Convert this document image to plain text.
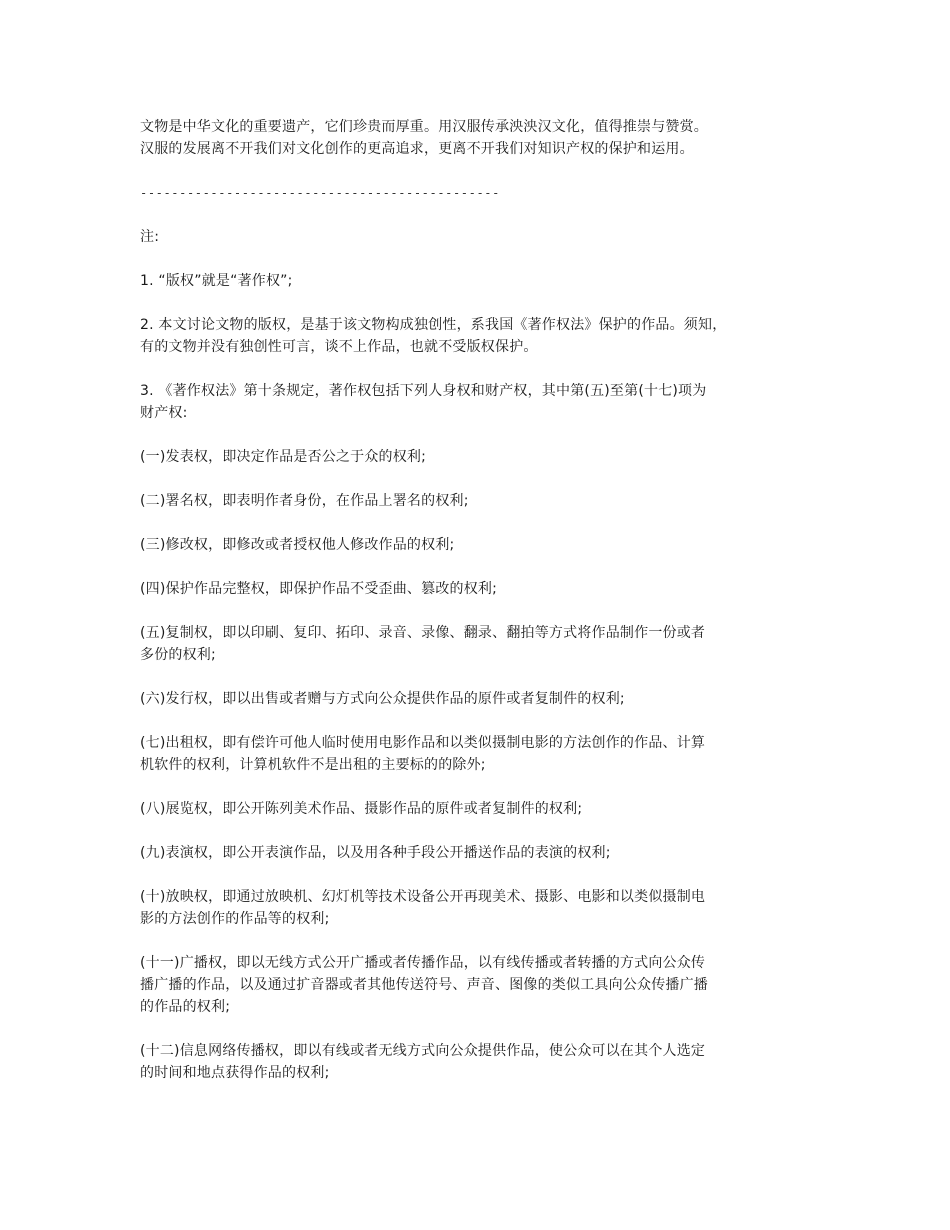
文物是中华文化的重要遗产，它们珍贵而厚重。用汉服传承泱泱汉文化，值得推崇与赞赏。
汉服的发展离不开我们对文化创作的更高追求，更离不开我们对知识产权的保护和运用。

----------------------------------------------

注:

1. “版权”就是“著作权”;

2. 本文讨论文物的版权，是基于该文物构成独创性，系我国《著作权法》保护的作品。须知，
有的文物并没有独创性可言，谈不上作品，也就不受版权保护。

3. 《著作权法》第十条规定，著作权包括下列人身权和财产权，其中第(五)至第(十七)项为
财产权:

(一)发表权，即决定作品是否公之于众的权利;

(二)署名权，即表明作者身份，在作品上署名的权利;

(三)修改权，即修改或者授权他人修改作品的权利;

(四)保护作品完整权，即保护作品不受歪曲、篡改的权利;

(五)复制权，即以印刷、复印、拓印、录音、录像、翻录、翻拍等方式将作品制作一份或者
多份的权利;

(六)发行权，即以出售或者赠与方式向公众提供作品的原件或者复制件的权利;

(七)出租权，即有偿许可他人临时使用电影作品和以类似摄制电影的方法创作的作品、计算
机软件的权利，计算机软件不是出租的主要标的的除外;

(八)展览权，即公开陈列美术作品、摄影作品的原件或者复制件的权利;

(九)表演权，即公开表演作品，以及用各种手段公开播送作品的表演的权利;

(十)放映权，即通过放映机、幻灯机等技术设备公开再现美术、摄影、电影和以类似摄制电
影的方法创作的作品等的权利;

(十一)广播权，即以无线方式公开广播或者传播作品，以有线传播或者转播的方式向公众传
播广播的作品，以及通过扩音器或者其他传送符号、声音、图像的类似工具向公众传播广播
的作品的权利;

(十二)信息网络传播权，即以有线或者无线方式向公众提供作品，使公众可以在其个人选定
的时间和地点获得作品的权利;
